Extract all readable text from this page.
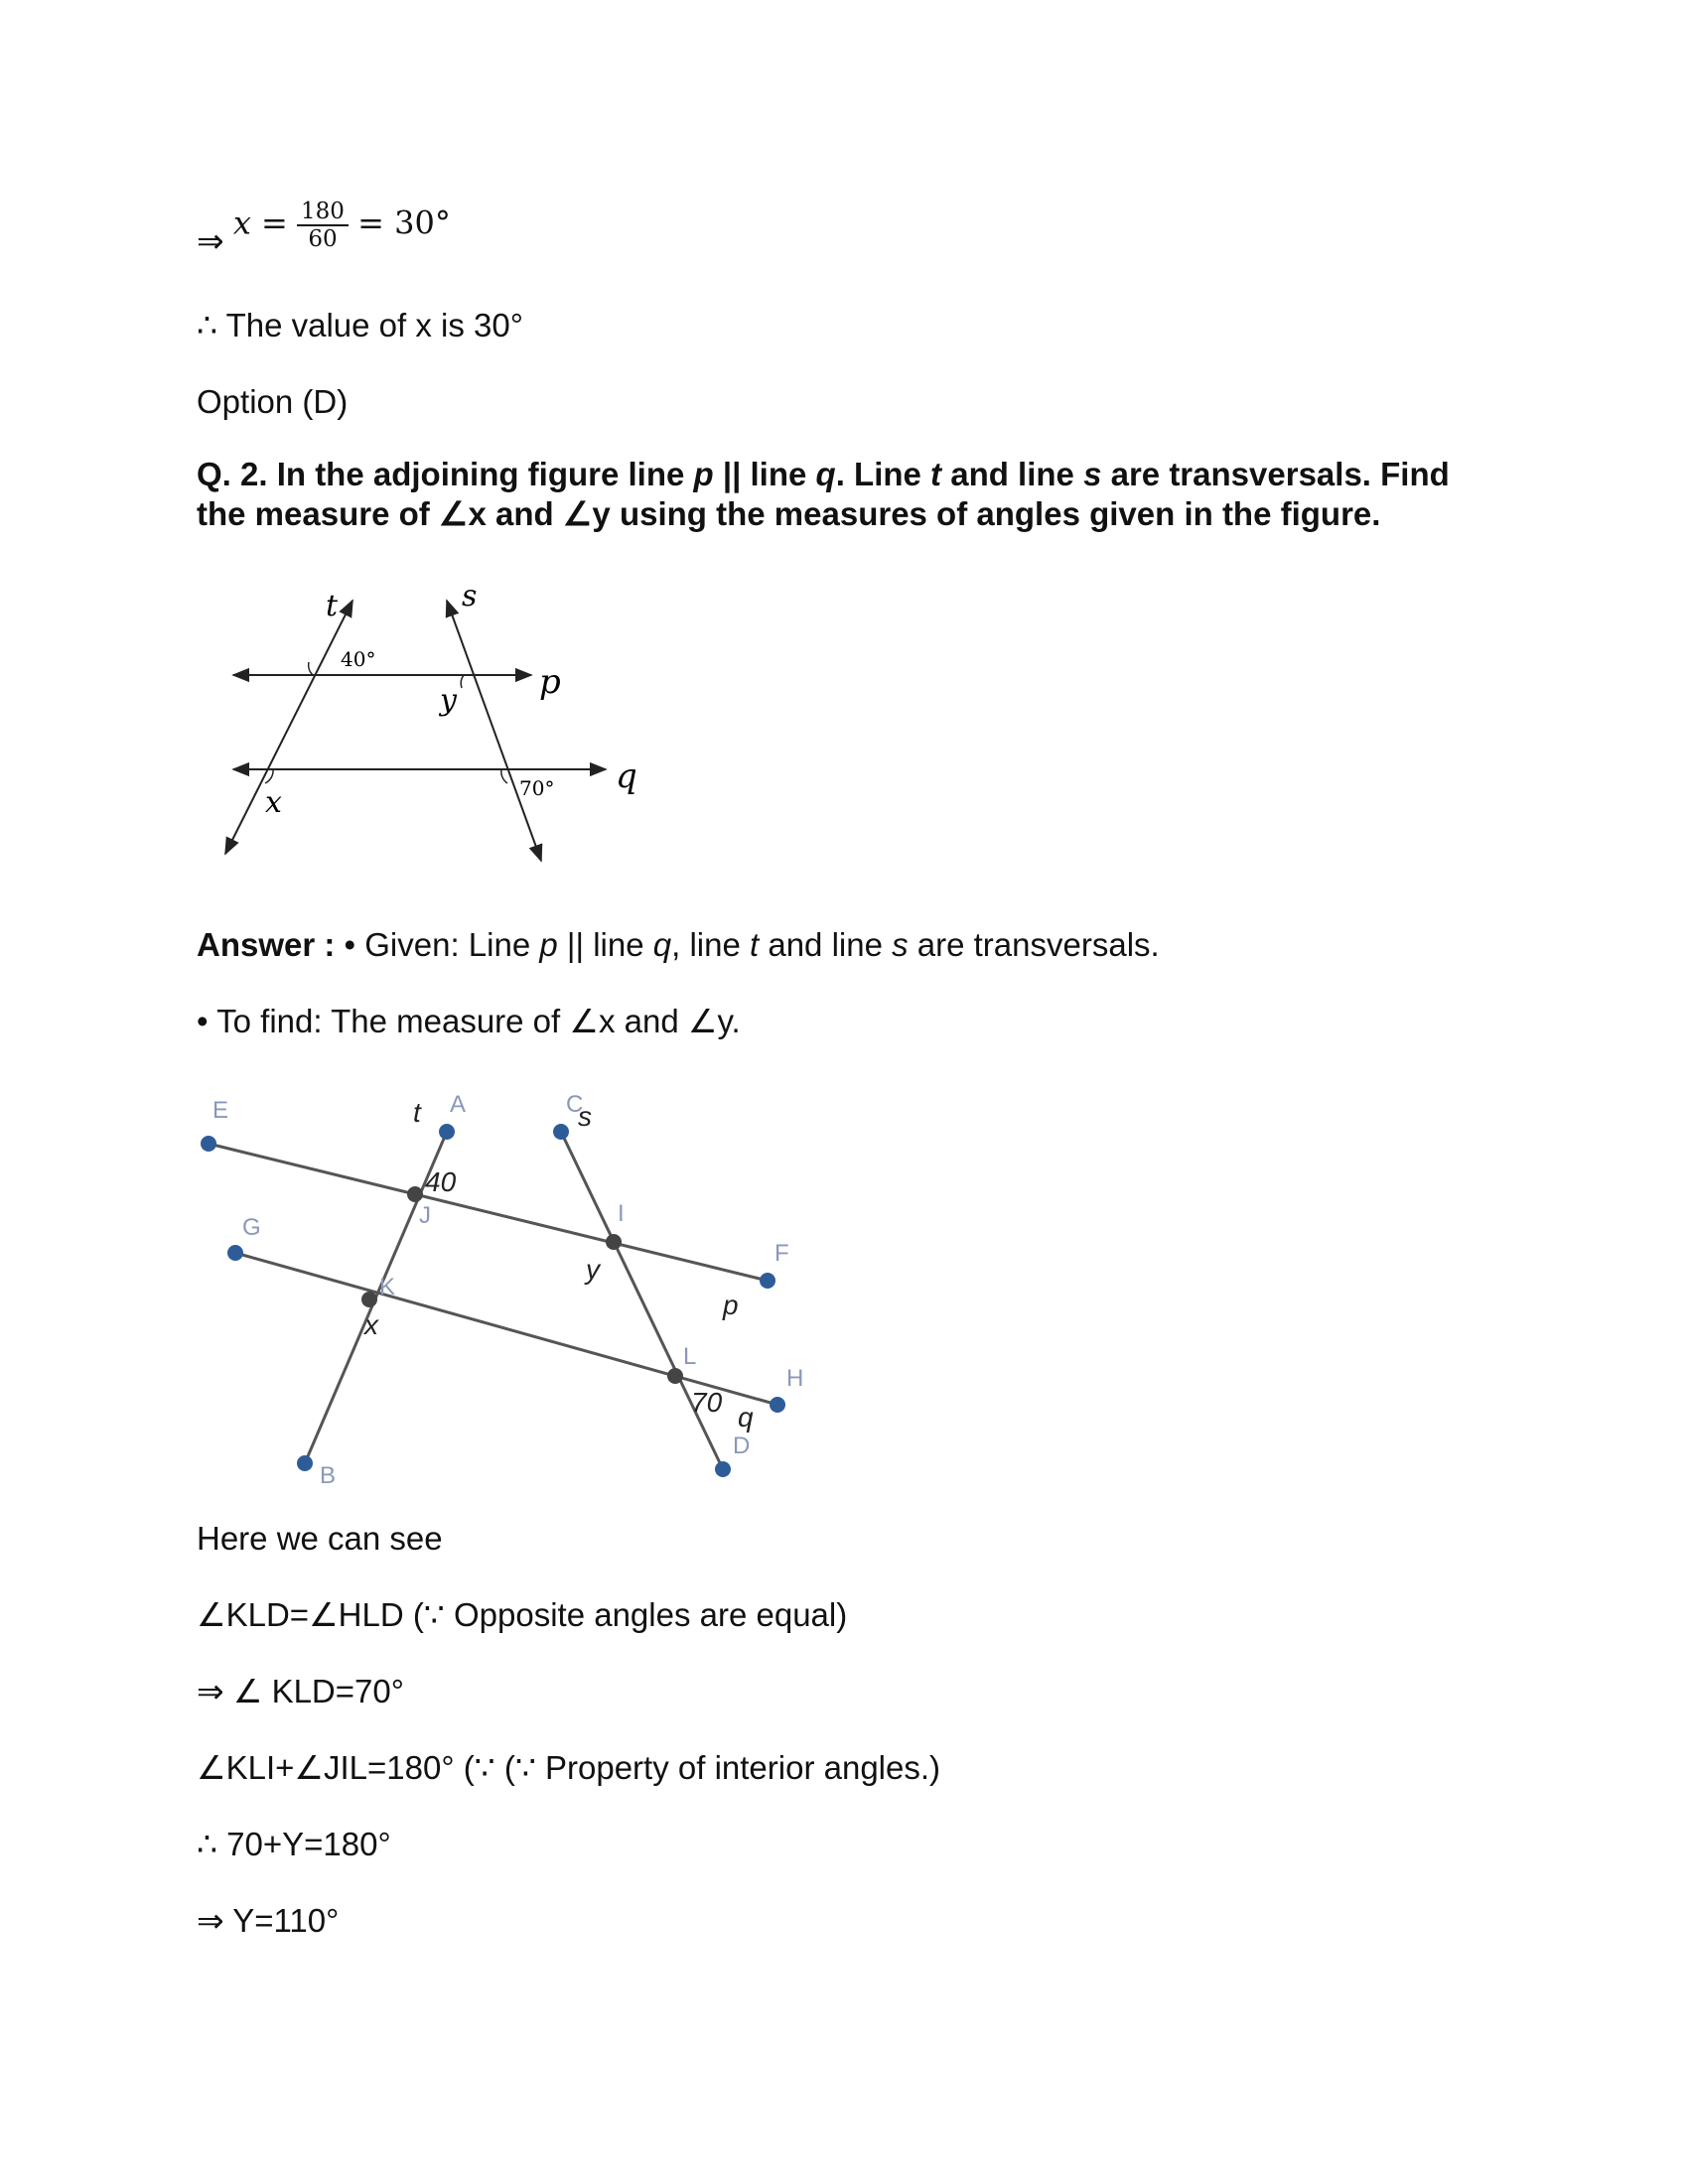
⇒ $x = \frac{180}{60} = 30^\circ$
∴ The value of x is 30°
Option (D)
Q. 2. In the adjoining figure line p || line q. Line t and line s are transversals. Find the measure of ∠x and ∠y using the measures of angles given in the figure.
t	s
p
q
40°
70°
x
y
Answer : • Given: Line p || line q, line t and line s are transversals.
• To find: The measure of ∠x and ∠y.
E	A	C
G
F
H
B
D
J	I
K
L
t	s
p
q
x
y
40
70
Here we can see
∠KLD=∠HLD (∵ Opposite angles are equal)
⇒ ∠ KLD=70°
∠KLI+∠JIL=180° (∵ (∵ Property of interior angles.)
∴ 70+Y=180°
⇒ Y=110°
